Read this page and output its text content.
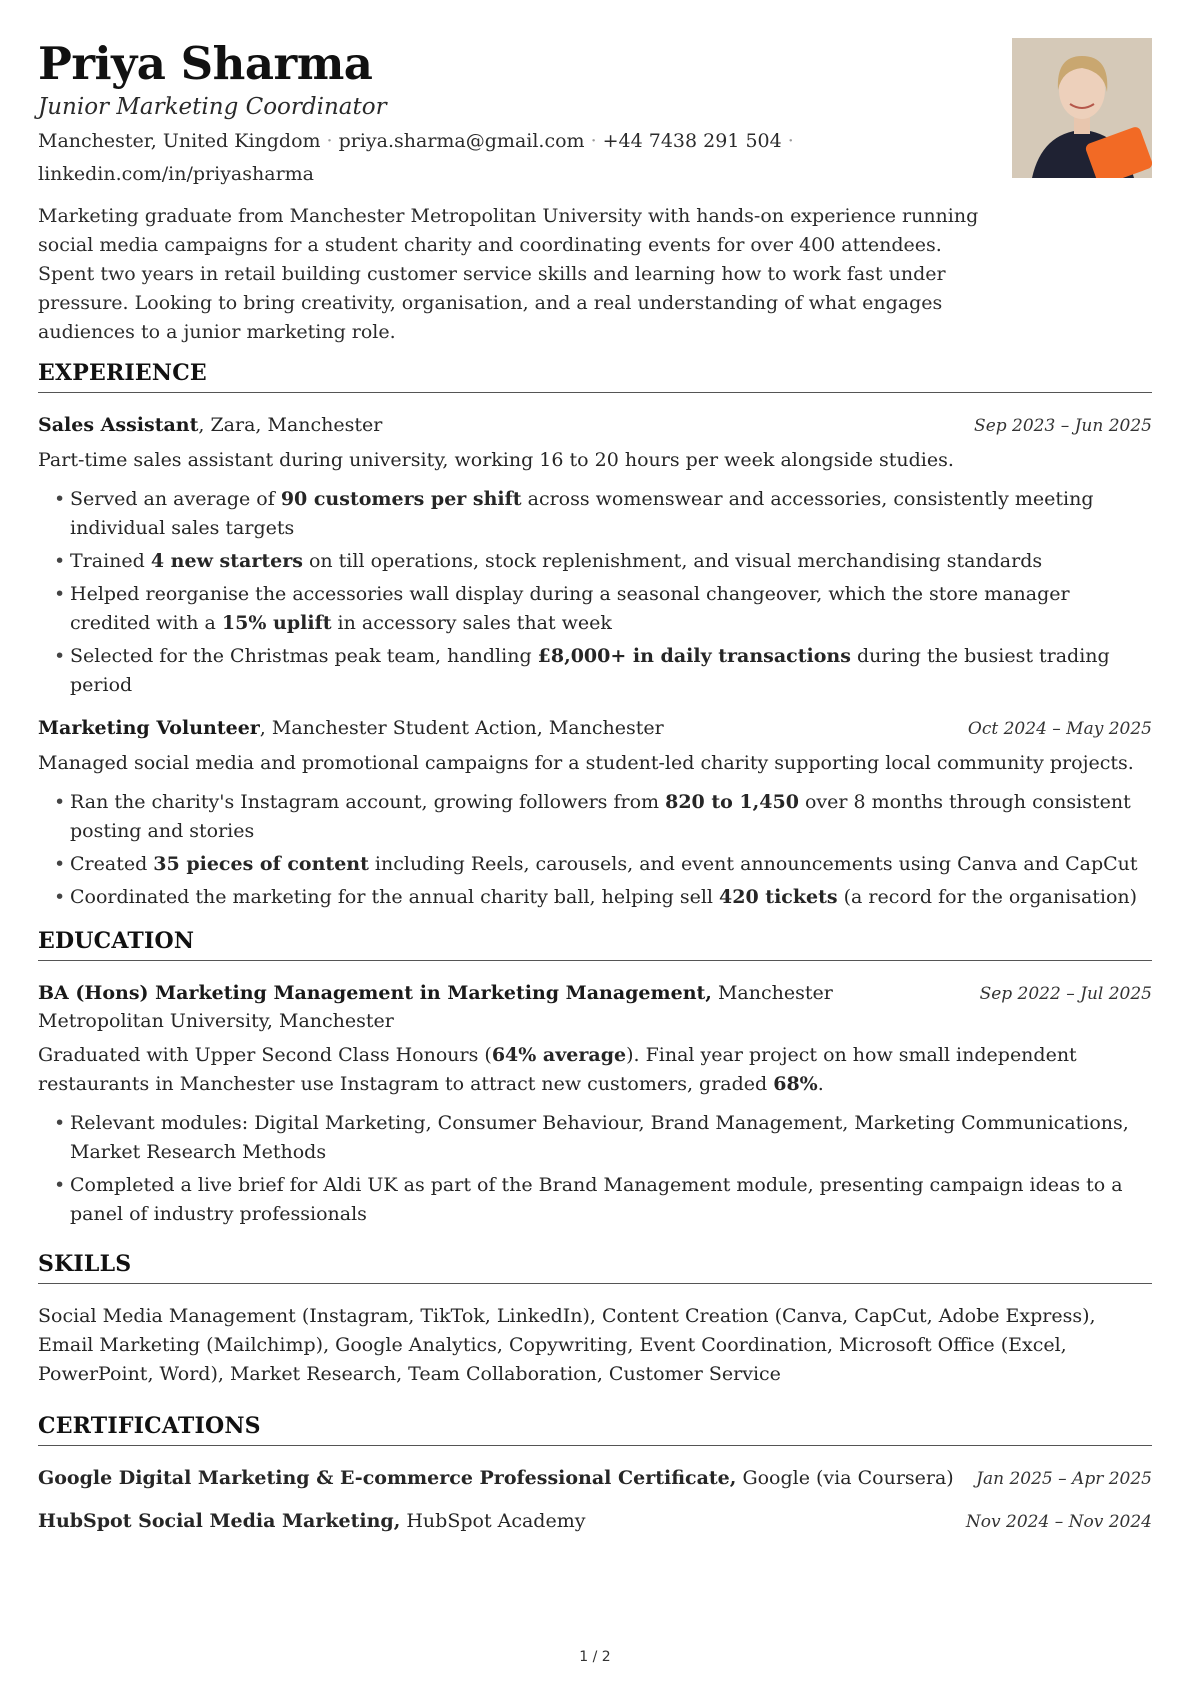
Priya Sharma
Junior Marketing Coordinator
Manchester, United Kingdom · priya.sharma@gmail.com · +44 7438 291 504 ·
linkedin.com/in/priyasharma
Marketing graduate from Manchester Metropolitan University with hands-on experience running social media campaigns for a student charity and coordinating events for over 400 attendees. Spent two years in retail building customer service skills and learning how to work fast under pressure. Looking to bring creativity, organisation, and a real understanding of what engages audiences to a junior marketing role.
EXPERIENCE
Sales Assistant, Zara, Manchester	Sep 2023 – Jun 2025
Part-time sales assistant during university, working 16 to 20 hours per week alongside studies.
• Served an average of 90 customers per shift across womenswear and accessories, consistently meeting individual sales targets
• Trained 4 new starters on till operations, stock replenishment, and visual merchandising standards
• Helped reorganise the accessories wall display during a seasonal changeover, which the store manager credited with a 15% uplift in accessory sales that week
• Selected for the Christmas peak team, handling £8,000+ in daily transactions during the busiest trading period
Marketing Volunteer, Manchester Student Action, Manchester	Oct 2024 – May 2025
Managed social media and promotional campaigns for a student-led charity supporting local community projects.
• Ran the charity's Instagram account, growing followers from 820 to 1,450 over 8 months through consistent posting and stories
• Created 35 pieces of content including Reels, carousels, and event announcements using Canva and CapCut
• Coordinated the marketing for the annual charity ball, helping sell 420 tickets (a record for the organisation)
EDUCATION
BA (Hons) Marketing Management in Marketing Management, Manchester Metropolitan University, Manchester
Sep 2022 – Jul 2025
Graduated with Upper Second Class Honours (64% average). Final year project on how small independent restaurants in Manchester use Instagram to attract new customers, graded 68%.
• Relevant modules: Digital Marketing, Consumer Behaviour, Brand Management, Marketing Communications, Market Research Methods
• Completed a live brief for Aldi UK as part of the Brand Management module, presenting campaign ideas to a panel of industry professionals
SKILLS
Social Media Management (Instagram, TikTok, LinkedIn), Content Creation (Canva, CapCut, Adobe Express), Email Marketing (Mailchimp), Google Analytics, Copywriting, Event Coordination, Microsoft Office (Excel, PowerPoint, Word), Market Research, Team Collaboration, Customer Service
CERTIFICATIONS
Google Digital Marketing & E-commerce Professional Certificate, Google (via Coursera) Jan 2025 – Apr 2025
HubSpot Social Media Marketing, HubSpot Academy	Nov 2024 – Nov 2024
1 / 2
